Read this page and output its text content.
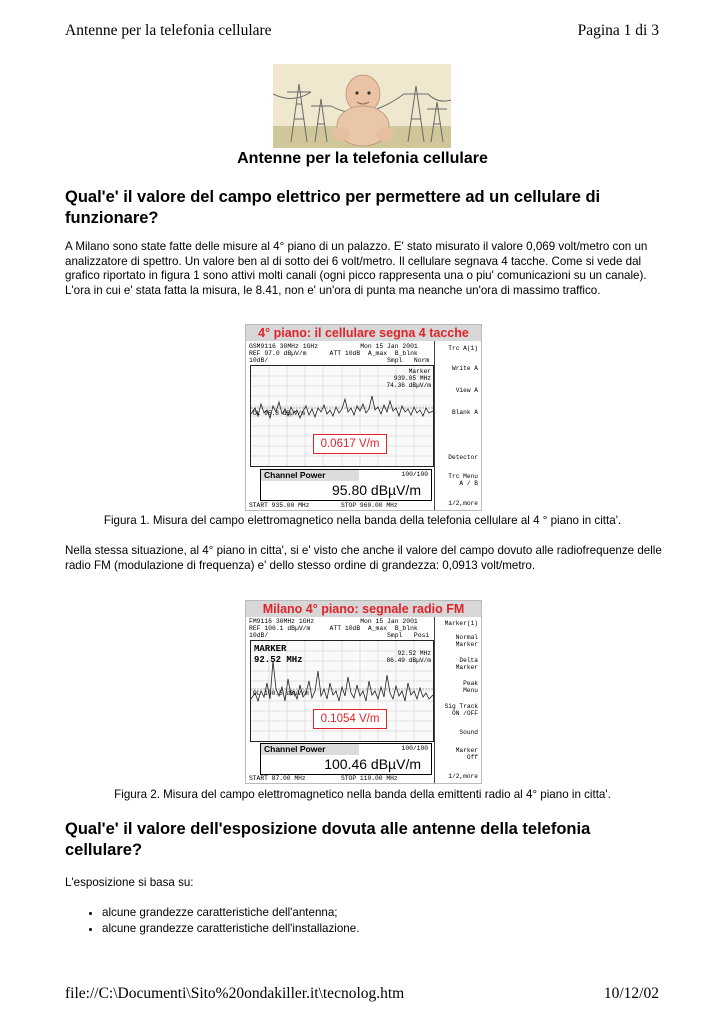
Antenne per la telefonia cellulare	Pagina 1 di 3
Antenne per la telefonia cellulare
Qual'e' il valore del campo elettrico per permettere ad un cellulare di funzionare?
A Milano sono state fatte delle misure al 4° piano di un palazzo. E' stato misurato il valore 0,069 volt/metro con un analizzatore di spettro. Un valore ben al di sotto dei 6 volt/metro. Il cellulare segnava 4 tacche. Come si vede dal grafico riportato in figura 1 sono attivi molti canali (ogni picco rappresenta una o piu' comunicazioni su un canale). L'ora in cui e' stata fatta la misura, le 8.41, non e' un'ora di punta ma neanche un'ora di massimo traffico.
4° piano: il cellulare segna 4 tacche
GSM9116 30MHz 1GHz           Mon 15 Jan 2001
REF 97.0 dBµV/m      ATT 10dB  A_max  B_blnk
10dB/                               Smpl   Norm
Marker
939.05 MHz
74.36 dBµV/m
DL 95.8 dBµV/m
0.0617 V/m
Channel Power	100/100
95.80 dBµV/m
START 935.00 MHz	STOP 960.00 MHz
Trc A(1)
Write A
View A
Blank A
Detector
Trc Menu
A / B
1/2,more
Figura 1. Misura del campo elettromagnetico nella banda della telefonia cellulare al 4 ° piano in citta'.
Nella stessa situazione, al 4° piano in citta', si e' visto che anche il valore del campo dovuto alle radiofrequenze delle radio FM (modulazione di frequenza) e' dello stesso ordine di grandezza: 0,0913 volt/metro.
Milano 4° piano: segnale radio FM
FM9116 30MHz 1GHz            Mon 15 Jan 2001
REF 106.1 dBµV/m     ATT 10dB  A_max  B_blnk
10dB/                               Smpl   Posi
MARKER
92.52 MHz
92.52 MHz
86.49 dBµV/m
DL 100.5 dBµV/m
0.1054 V/m
Channel Power	100/100
100.46 dBµV/m
START 87.00 MHz	STOP 110.00 MHz
Marker(1)
Normal
Marker
Delta
Marker
Peak
Menu
Sig Track
ON /OFF
Sound
Marker
Off
1/2,more
Figura 2. Misura del campo elettromagnetico nella banda della emittenti radio al 4° piano in citta'.
Qual'e' il valore dell'esposizione dovuta alle antenne della telefonia cellulare?
L'esposizione si basa su:
• alcune grandezze caratteristiche dell'antenna;
• alcune grandezze caratteristiche dell'installazione.
file://C:\Documenti\Sito%20ondakiller.it\tecnolog.htm	10/12/02
